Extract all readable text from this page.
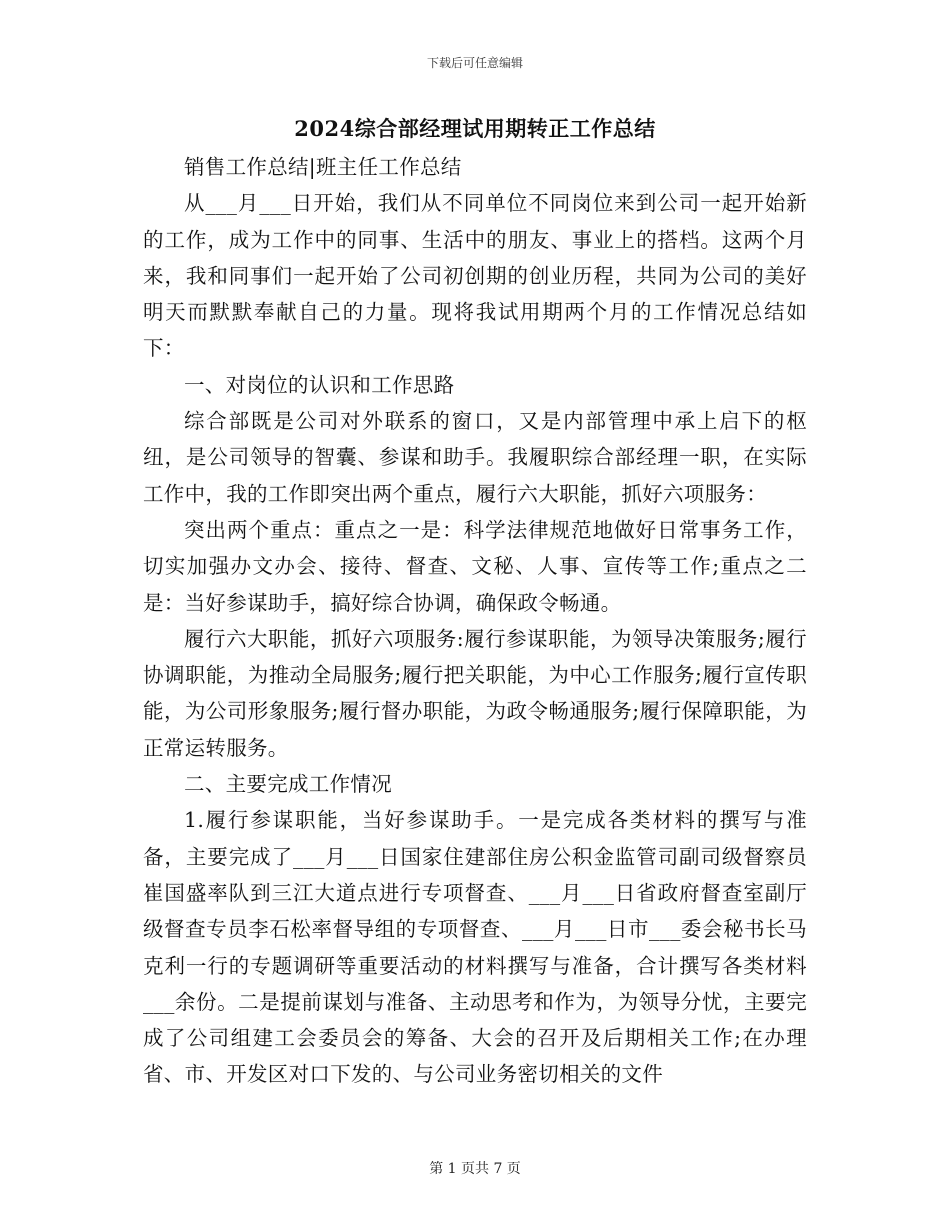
下载后可任意编辑
2024综合部经理试用期转正工作总结

销售工作总结|班主任工作总结

从___月___日开始，我们从不同单位不同岗位来到公司一起开始新的工作，成为工作中的同事、生活中的朋友、事业上的搭档。这两个月来，我和同事们一起开始了公司初创期的创业历程，共同为公司的美好明天而默默奉献自己的力量。现将我试用期两个月的工作情况总结如下：

一、对岗位的认识和工作思路

综合部既是公司对外联系的窗口，又是内部管理中承上启下的枢纽，是公司领导的智囊、参谋和助手。我履职综合部经理一职，在实际工作中，我的工作即突出两个重点，履行六大职能，抓好六项服务：

突出两个重点：重点之一是：科学法律规范地做好日常事务工作，切实加强办文办会、接待、督查、文秘、人事、宣传等工作;重点之二是：当好参谋助手，搞好综合协调，确保政令畅通。

履行六大职能，抓好六项服务:履行参谋职能，为领导决策服务;履行协调职能，为推动全局服务;履行把关职能，为中心工作服务;履行宣传职能，为公司形象服务;履行督办职能，为政令畅通服务;履行保障职能，为正常运转服务。

二、主要完成工作情况

1.履行参谋职能，当好参谋助手。一是完成各类材料的撰写与准备，主要完成了___月___日国家住建部住房公积金监管司副司级督察员崔国盛率队到三江大道点进行专项督查、___月___日省政府督查室副厅级督查专员李石松率督导组的专项督查、___月___日市___委会秘书长马克利一行的专题调研等重要活动的材料撰写与准备，合计撰写各类材料___余份。二是提前谋划与准备、主动思考和作为，为领导分忧，主要完成了公司组建工会委员会的筹备、大会的召开及后期相关工作;在办理省、市、开发区对口下发的、与公司业务密切相关的文件

第 1 页共 7 页
